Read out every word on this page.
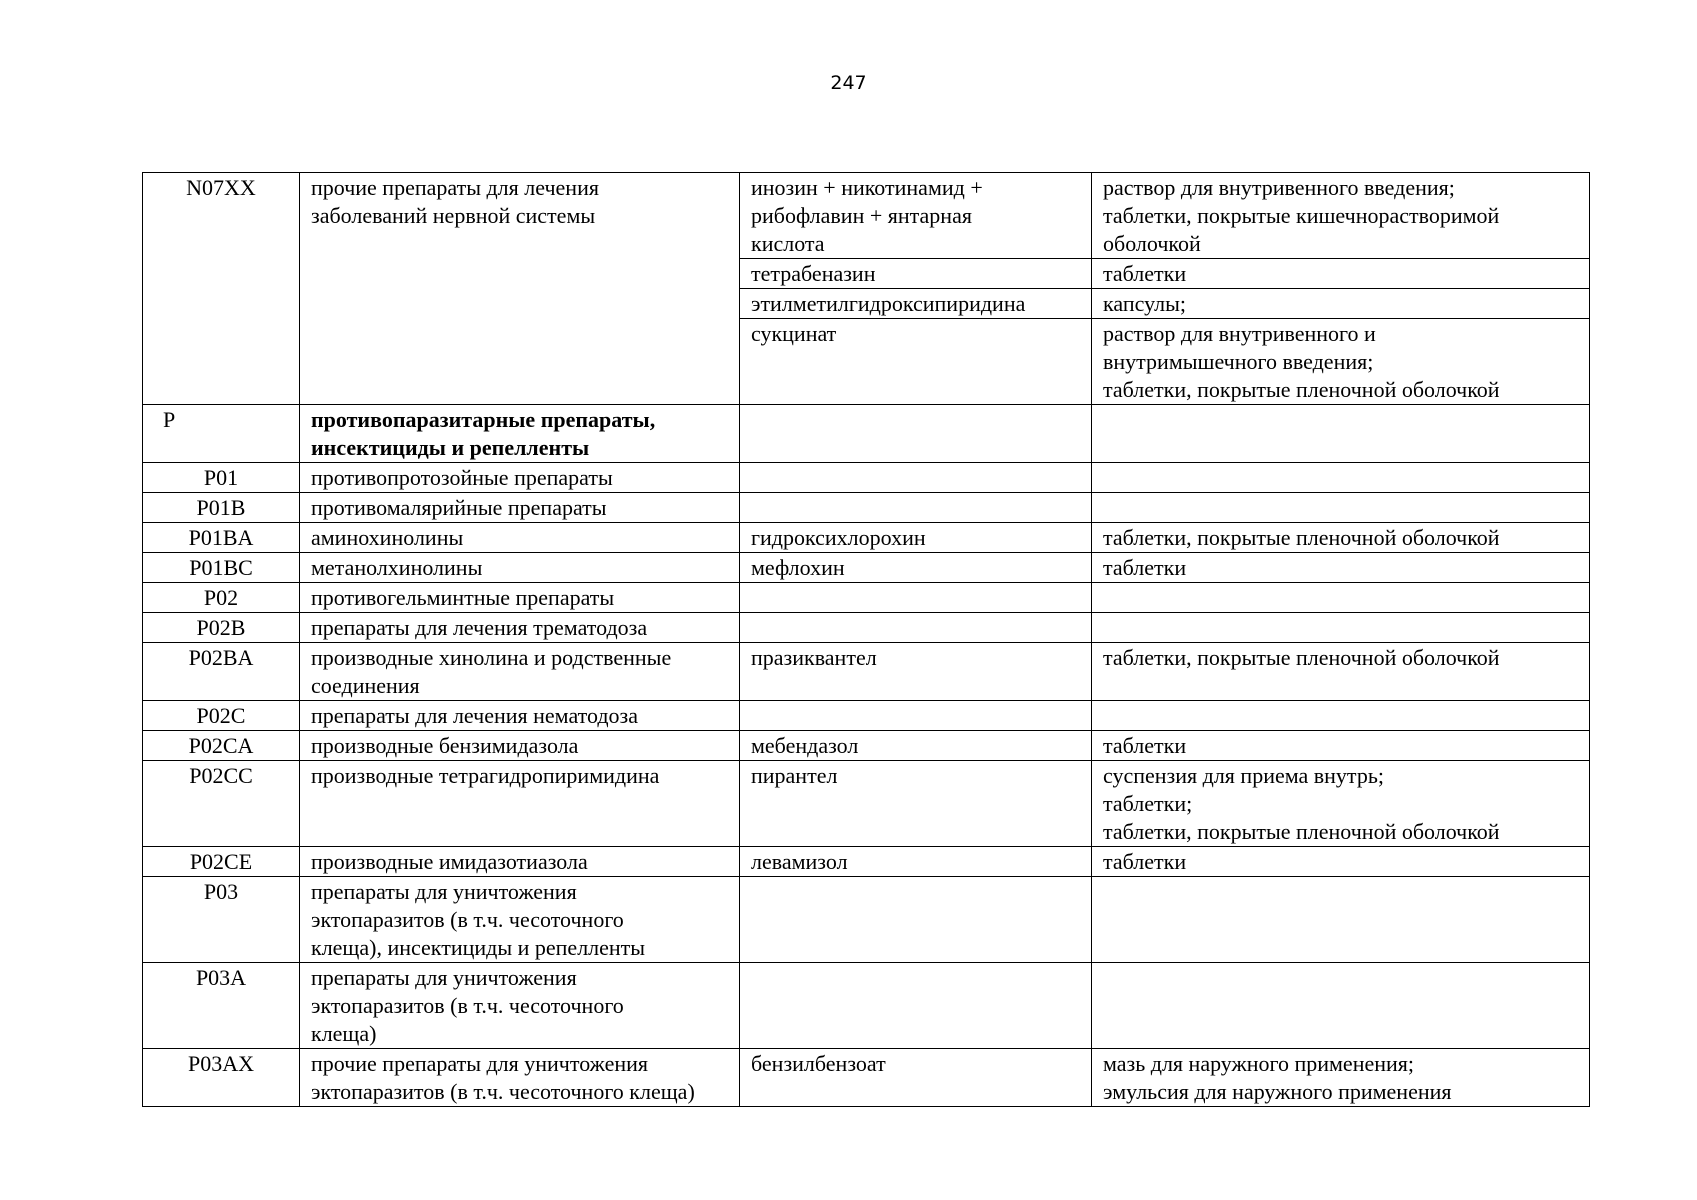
247
N07XX	прочие препараты для лечения
заболеваний нервной системы	инозин + никотинамид +
рибофлавин + янтарная
кислота	раствор для внутривенного введения;
таблетки, покрытые кишечнорастворимой
оболочкой
		тетрабеназин	таблетки
		этилметилгидроксипиридина	капсулы;
		сукцинат	раствор для внутривенного и
внутримышечного введения;
таблетки, покрытые пленочной оболочкой
P	противопаразитарные препараты,
инсектициды и репелленты		
P01	противопротозойные препараты		
P01B	противомалярийные препараты		
P01BA	аминохинолины	гидроксихлорохин	таблетки, покрытые пленочной оболочкой
P01BC	метанолхинолины	мефлохин	таблетки
P02	противогельминтные препараты		
P02B	препараты для лечения трематодоза		
P02BA	производные хинолина и родственные
соединения	празиквантел	таблетки, покрытые пленочной оболочкой
P02C	препараты для лечения нематодоза		
P02CA	производные бензимидазола	мебендазол	таблетки
P02CC	производные тетрагидропиримидина	пирантел	суспензия для приема внутрь;
таблетки;
таблетки, покрытые пленочной оболочкой
P02CE	производные имидазотиазола	левамизол	таблетки
P03	препараты для уничтожения
эктопаразитов (в т.ч. чесоточного
клеща), инсектициды и репелленты		
P03A	препараты для уничтожения
эктопаразитов (в т.ч. чесоточного
клеща)		
P03AX	прочие препараты для уничтожения
эктопаразитов (в т.ч. чесоточного клеща)	бензилбензоат	мазь для наружного применения;
эмульсия для наружного применения
